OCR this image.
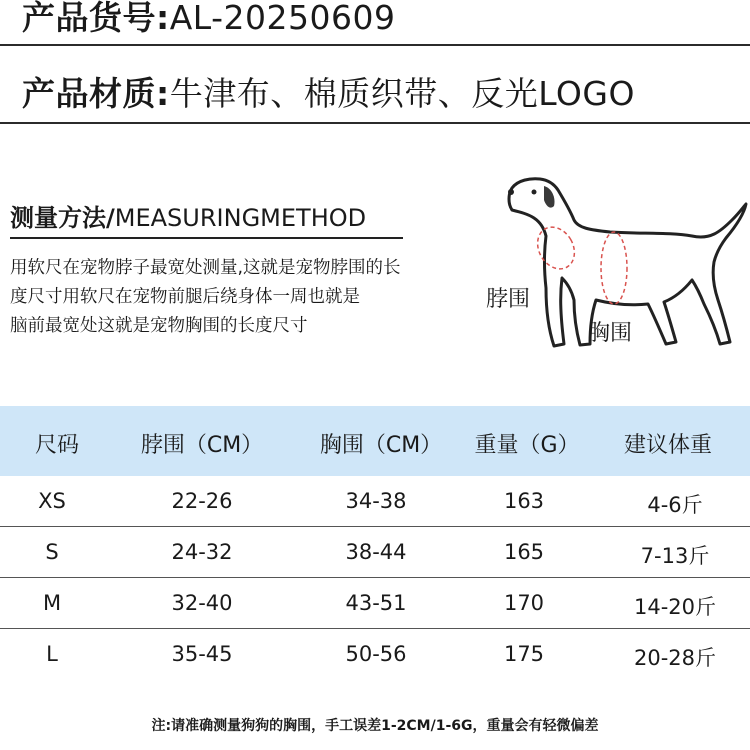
产品货号:AL-20250609
产品材质:牛津布、棉质织带、反光LOGO
测量方法/MEASURINGMETHOD
用软尺在宠物脖子最宽处测量,这就是宠物脖围的长
度尺寸用软尺在宠物前腿后绕身体一周也就是
脑前最宽处这就是宠物胸围的长度尺寸
脖围
胸围
尺码	脖围（CM）	胸围（CM） 重量（G） 建议体重
XS	22-26	34-38	163	4-6斤
S	24-32	38-44	165	7-13斤
M	32-40	43-51	170	14-20斤
L	35-45	50-56	175	20-28斤
注:请准确测量狗狗的胸围，手工误差1-2CM/1-6G，重量会有轻微偏差
